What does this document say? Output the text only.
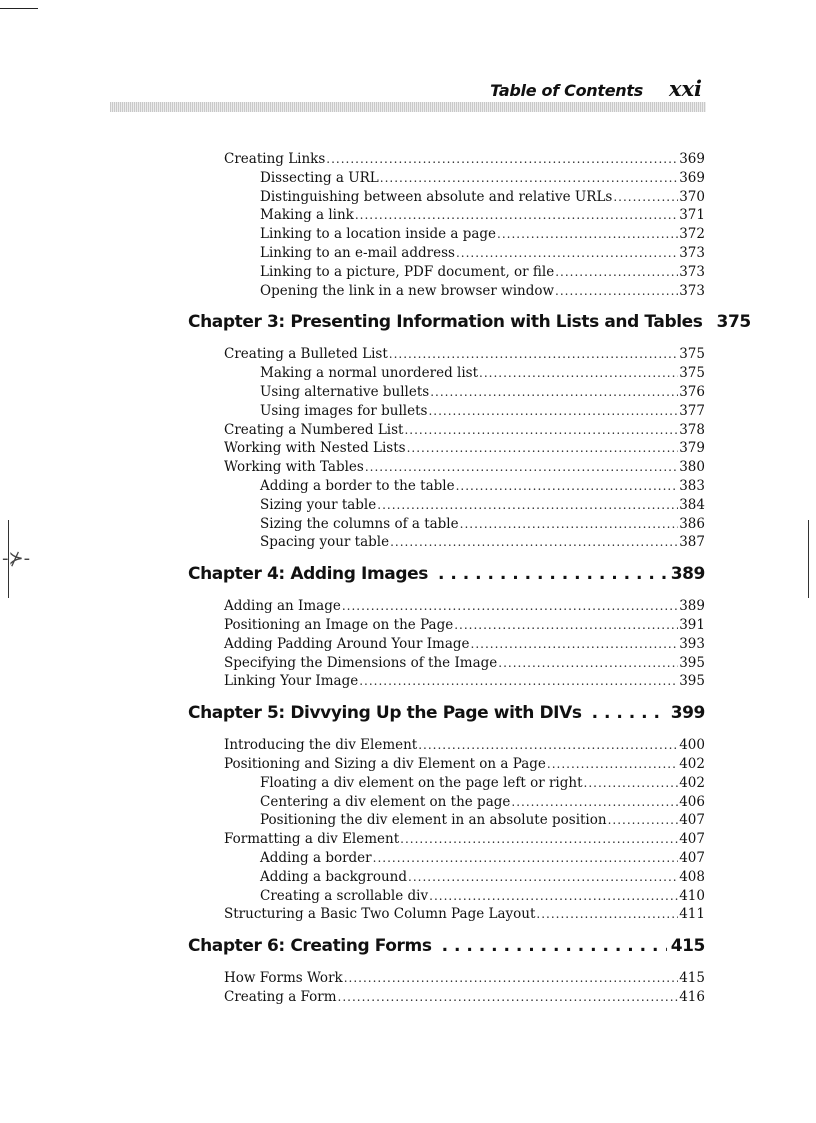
-⊁-
Table of Contents xxi
Creating Links .....	369
Dissecting a URL .....	369
Distinguishing between absolute and relative URLs .....	370
Making a link .....	371
Linking to a location inside a page .....	372
Linking to an e-mail address .....	373
Linking to a picture, PDF document, or file .....	373
Opening the link in a new browser window .....	373
Chapter 3: Presenting Information with Lists and Tables 375
Creating a Bulleted List .....	375
Making a normal unordered list .....	375
Using alternative bullets .....	376
Using images for bullets .....	377
Creating a Numbered List .....	378
Working with Nested Lists .....	379
Working with Tables .....	380
Adding a border to the table .....	383
Sizing your table .....	384
Sizing the columns of a table .....	386
Spacing your table .....	387
Chapter 4: Adding Images . . .	389
Adding an Image .....	389
Positioning an Image on the Page .....	391
Adding Padding Around Your Image .....	393
Specifying the Dimensions of the Image .....	395
Linking Your Image .....	395
Chapter 5: Divvying Up the Page with DIVs . . .	399
Introducing the div Element .....	400
Positioning and Sizing a div Element on a Page .....	402
Floating a div element on the page left or right .....	402
Centering a div element on the page .....	406
Positioning the div element in an absolute position .....	407
Formatting a div Element .....	407
Adding a border .....	407
Adding a background .....	408
Creating a scrollable div .....	410
Structuring a Basic Two Column Page Layout .....	411
Chapter 6: Creating Forms . . .	415
How Forms Work .....	415
Creating a Form .....	416
